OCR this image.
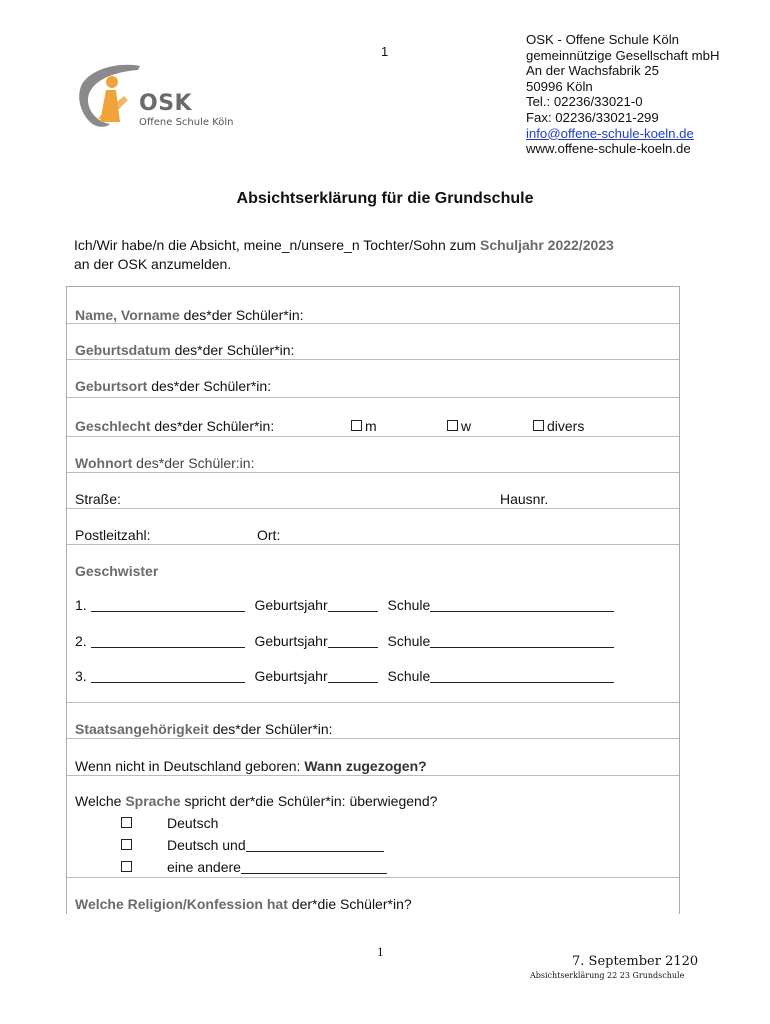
1
OSK
Offene Schule Köln
OSK - Offene Schule Köln
gemeinnützige Gesellschaft mbH
An der Wachsfabrik 25
50996 Köln
Tel.: 02236/33021-0
Fax: 02236/33021-299
info@offene-schule-koeln.de
www.offene-schule-koeln.de
Absichtserklärung für die Grundschule
Ich/Wir habe/n die Absicht, meine_n/unsere_n Tochter/Sohn zum Schuljahr 2022/2023
an der OSK anzumelden.
Name, Vorname des*der Schüler*in:
Geburtsdatum des*der Schüler*in:
Geburtsort des*der Schüler*in:
Geschlecht des*der Schüler*in:	m	w	divers
Wohnort des*der Schüler:in:
Straße:	Hausnr.
Postleitzahl:	Ort:
Geschwister
1.	Geburtsjahr	Schule
2.	Geburtsjahr	Schule
3.	Geburtsjahr	Schule
Staatsangehörigkeit des*der Schüler*in:
Wenn nicht in Deutschland geboren: Wann zugezogen?
Welche Sprache spricht der*die Schüler*in: überwiegend?
Deutsch
Deutsch und
eine andere
Welche Religion/Konfession hat der*die Schüler*in?
1
7. September 2120
Absichtserklärung 22 23 Grundschule
